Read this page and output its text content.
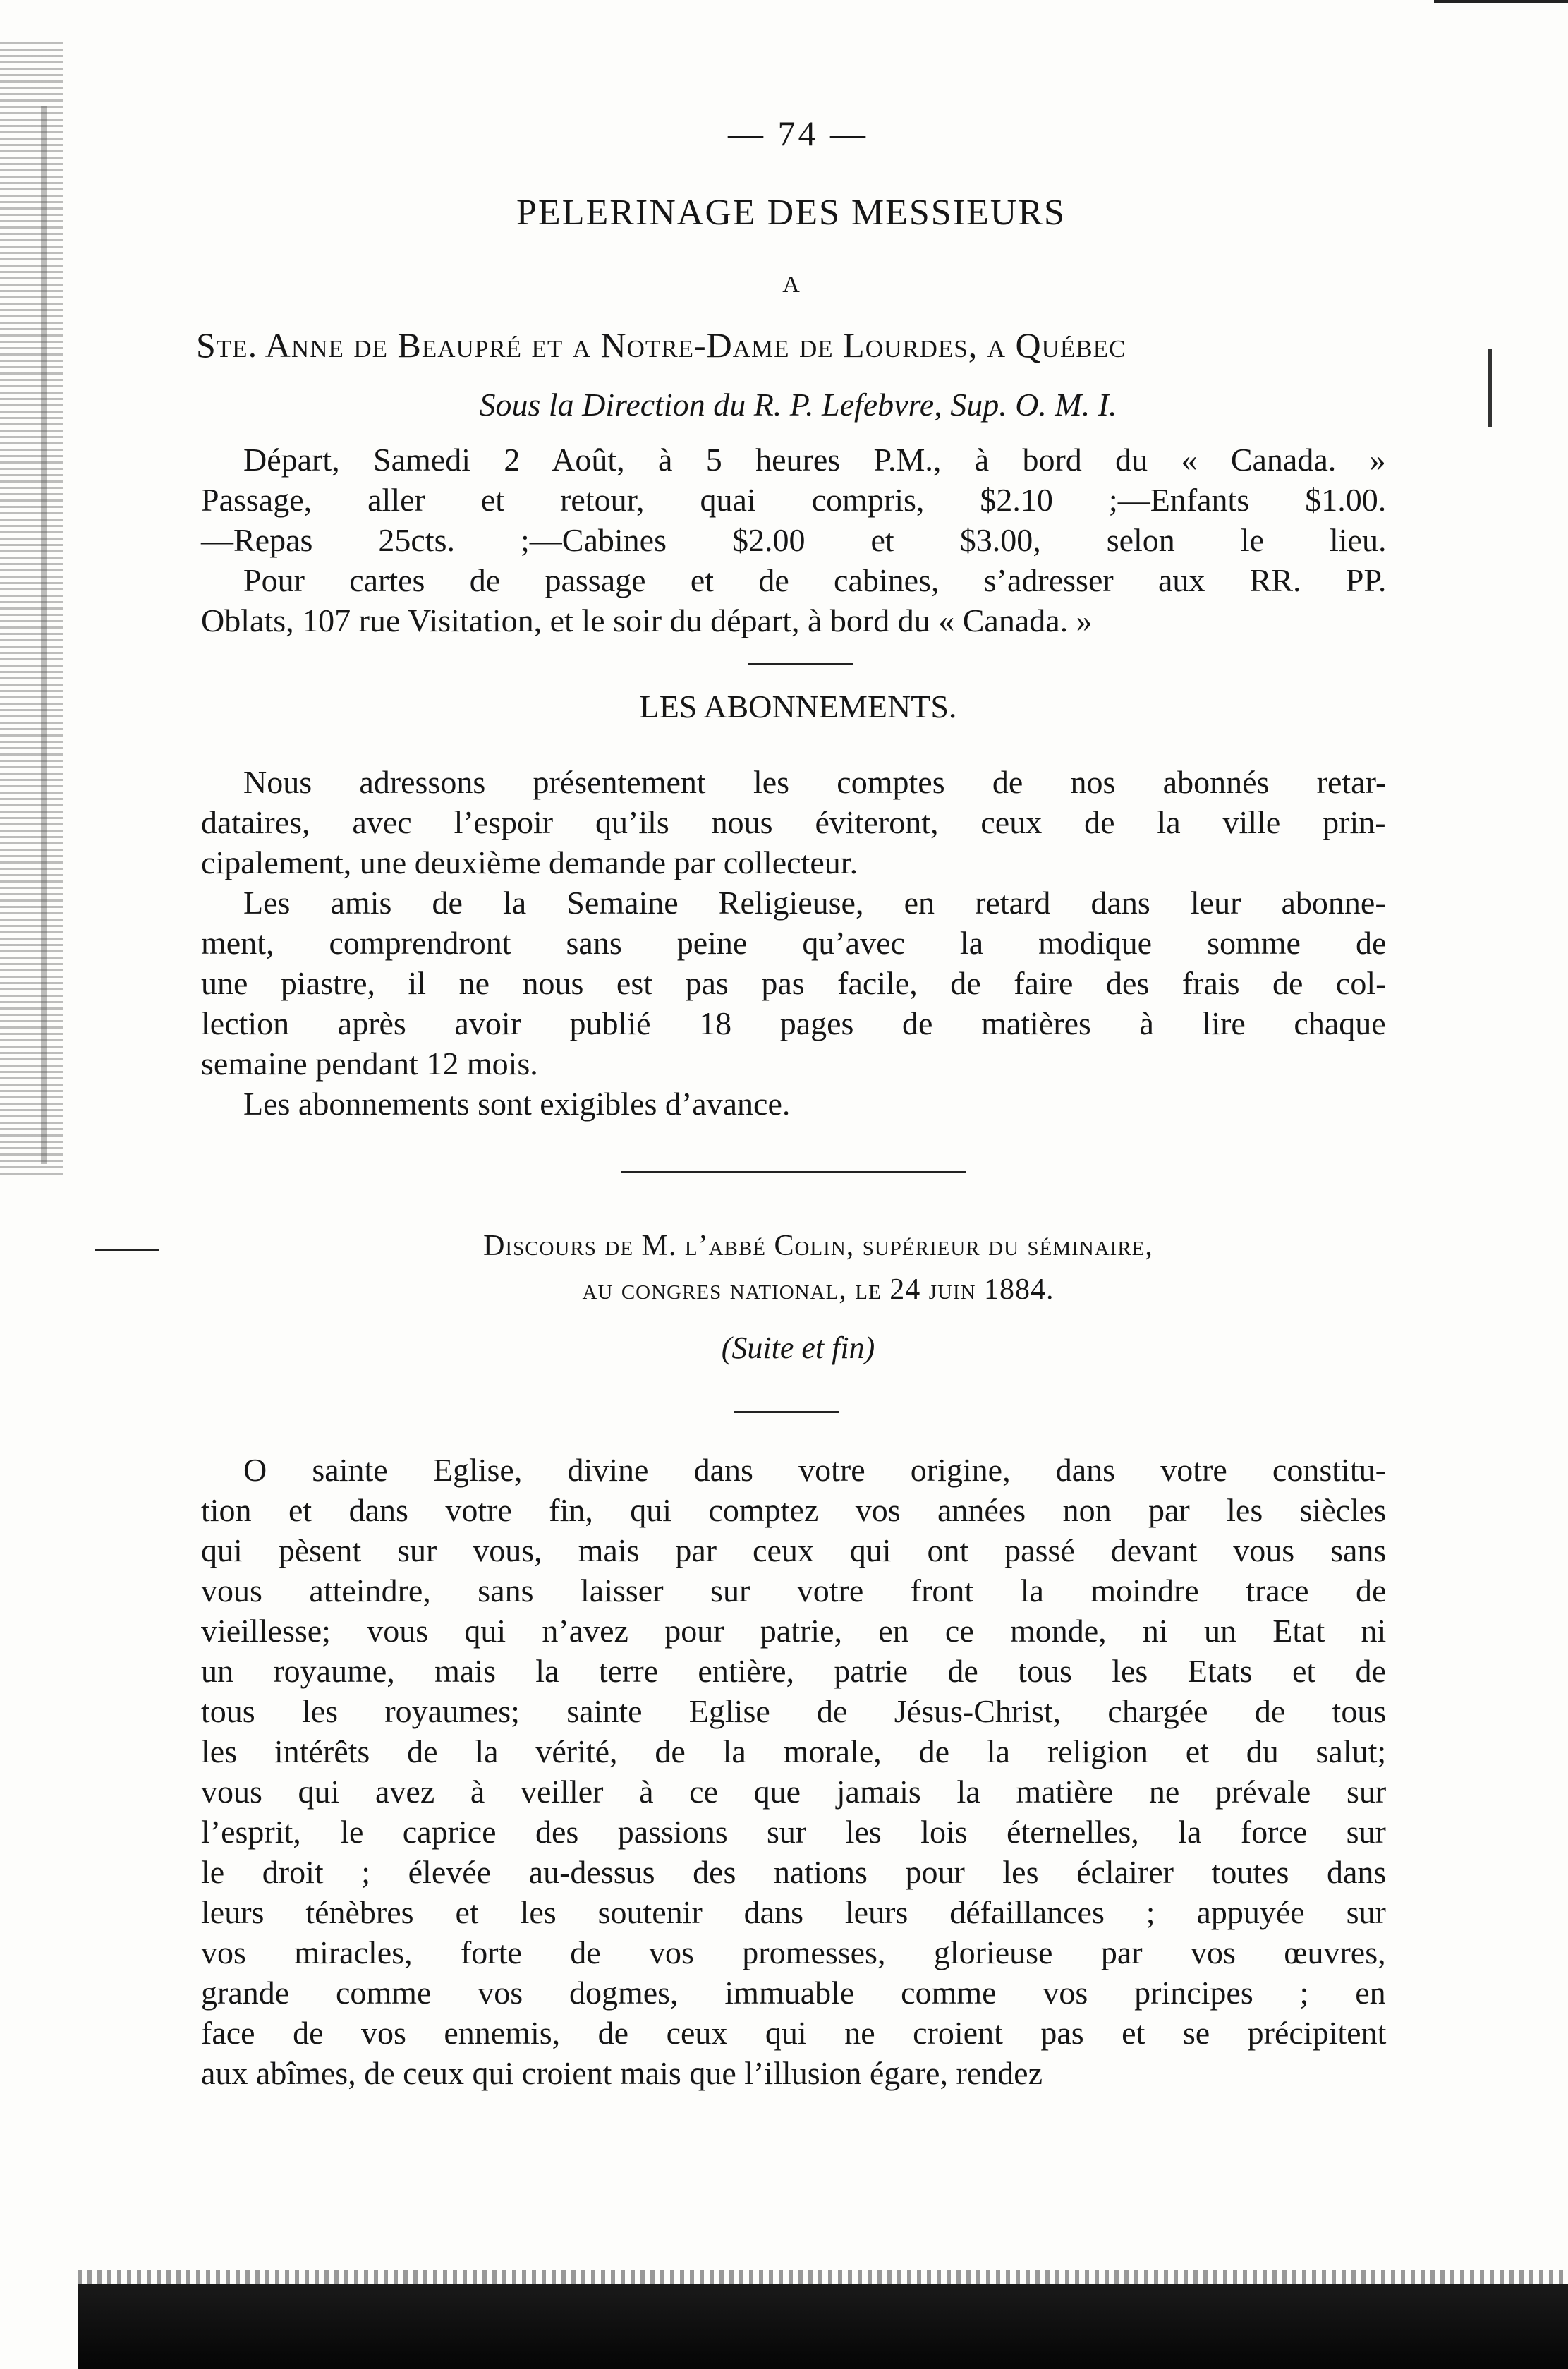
— 74 —
PELERINAGE DES MESSIEURS
A
Ste. Anne de Beaupré et a Notre-Dame de Lourdes, a Québec
Sous la Direction du R. P. Lefebvre, Sup. O. M. I.
Départ, Samedi 2 Août, à 5 heures P.M., à bord du « Canada. »
Passage, aller et retour, quai compris, $2.10 ;—Enfants $1.00.
—Repas 25cts. ;—Cabines $2.00 et $3.00, selon le lieu.
Pour cartes de passage et de cabines, s’adresser aux RR. PP.
Oblats, 107 rue Visitation, et le soir du départ, à bord du « Canada. »
LES ABONNEMENTS.
Nous adressons présentement les comptes de nos abonnés retar-
dataires, avec l’espoir qu’ils nous éviteront, ceux de la ville prin-
cipalement, une deuxième demande par collecteur.
Les amis de la Semaine Religieuse, en retard dans leur abonne-
ment, comprendront sans peine qu’avec la modique somme de
une piastre, il ne nous est pas pas facile, de faire des frais de col-
lection après avoir publié 18 pages de matières à lire chaque
semaine pendant 12 mois.
Les abonnements sont exigibles d’avance.
Discours de M. l’abbé Colin, supérieur du séminaire,
au congres national, le 24 juin 1884.
(Suite et fin)
O sainte Eglise, divine dans votre origine, dans votre constitu-
tion et dans votre fin, qui comptez vos années non par les siècles
qui pèsent sur vous, mais par ceux qui ont passé devant vous sans
vous atteindre, sans laisser sur votre front la moindre trace de
vieillesse; vous qui n’avez pour patrie, en ce monde, ni un Etat ni
un royaume, mais la terre entière, patrie de tous les Etats et de
tous les royaumes; sainte Eglise de Jésus-Christ, chargée de tous
les intérêts de la vérité, de la morale, de la religion et du salut;
vous qui avez à veiller à ce que jamais la matière ne prévale sur
l’esprit, le caprice des passions sur les lois éternelles, la force sur
le droit ; élevée au-dessus des nations pour les éclairer toutes dans
leurs ténèbres et les soutenir dans leurs défaillances ; appuyée sur
vos miracles, forte de vos promesses, glorieuse par vos œuvres,
grande comme vos dogmes, immuable comme vos principes ; en
face de vos ennemis, de ceux qui ne croient pas et se précipitent
aux abîmes, de ceux qui croient mais que l’illusion égare, rendez
